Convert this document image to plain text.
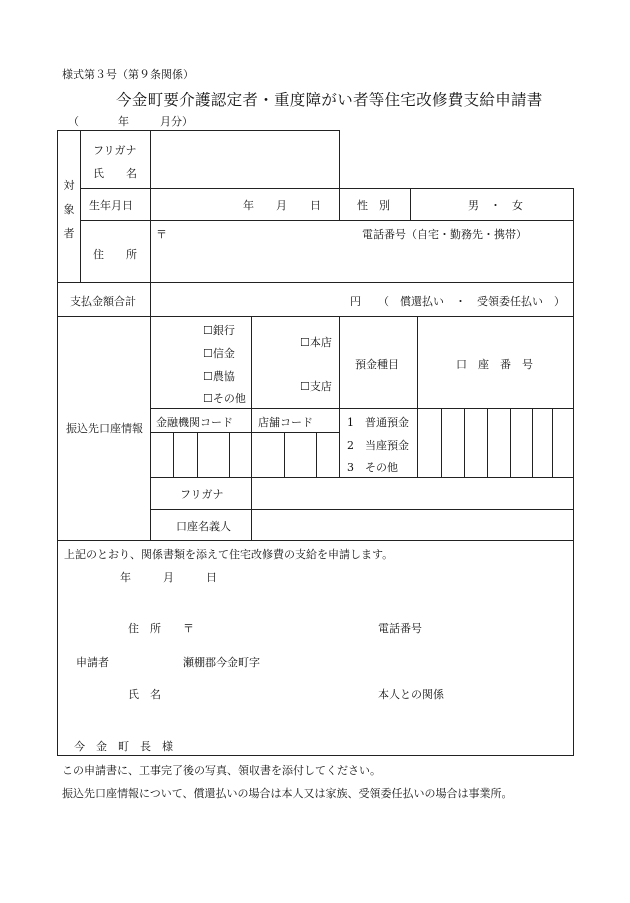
様式第３号（第９条関係）
今金町要介護認定者・重度障がい者等住宅改修費支給申請書
（	年	月分）
対象者
フリガナ
氏　　名
生年月日	年 月 日	性　別	男　・　女
住　　所
〒	電話番号（自宅・勤務先・携帯）
支払金額合計	円 （　償還払い　・　受領委任払い　）
振込先口座情報
☐銀行
☐信金
☐農協
☐その他
☐本店
☐支店
預金種目	口　座　番　号
金融機関コード 店舗コード	1　普通預金
2　当座預金
3　その他
フリガナ
口座名義人
上記のとおり、関係書類を添えて住宅改修費の支給を申請します。
年	月	日
住　所 〒	電話番号
申請者	瀬棚郡今金町字
氏　名	本人との関係
今　金　町　長　様
この申請書に、工事完了後の写真、領収書を添付してください。
振込先口座情報について、償還払いの場合は本人又は家族、受領委任払いの場合は事業所。
